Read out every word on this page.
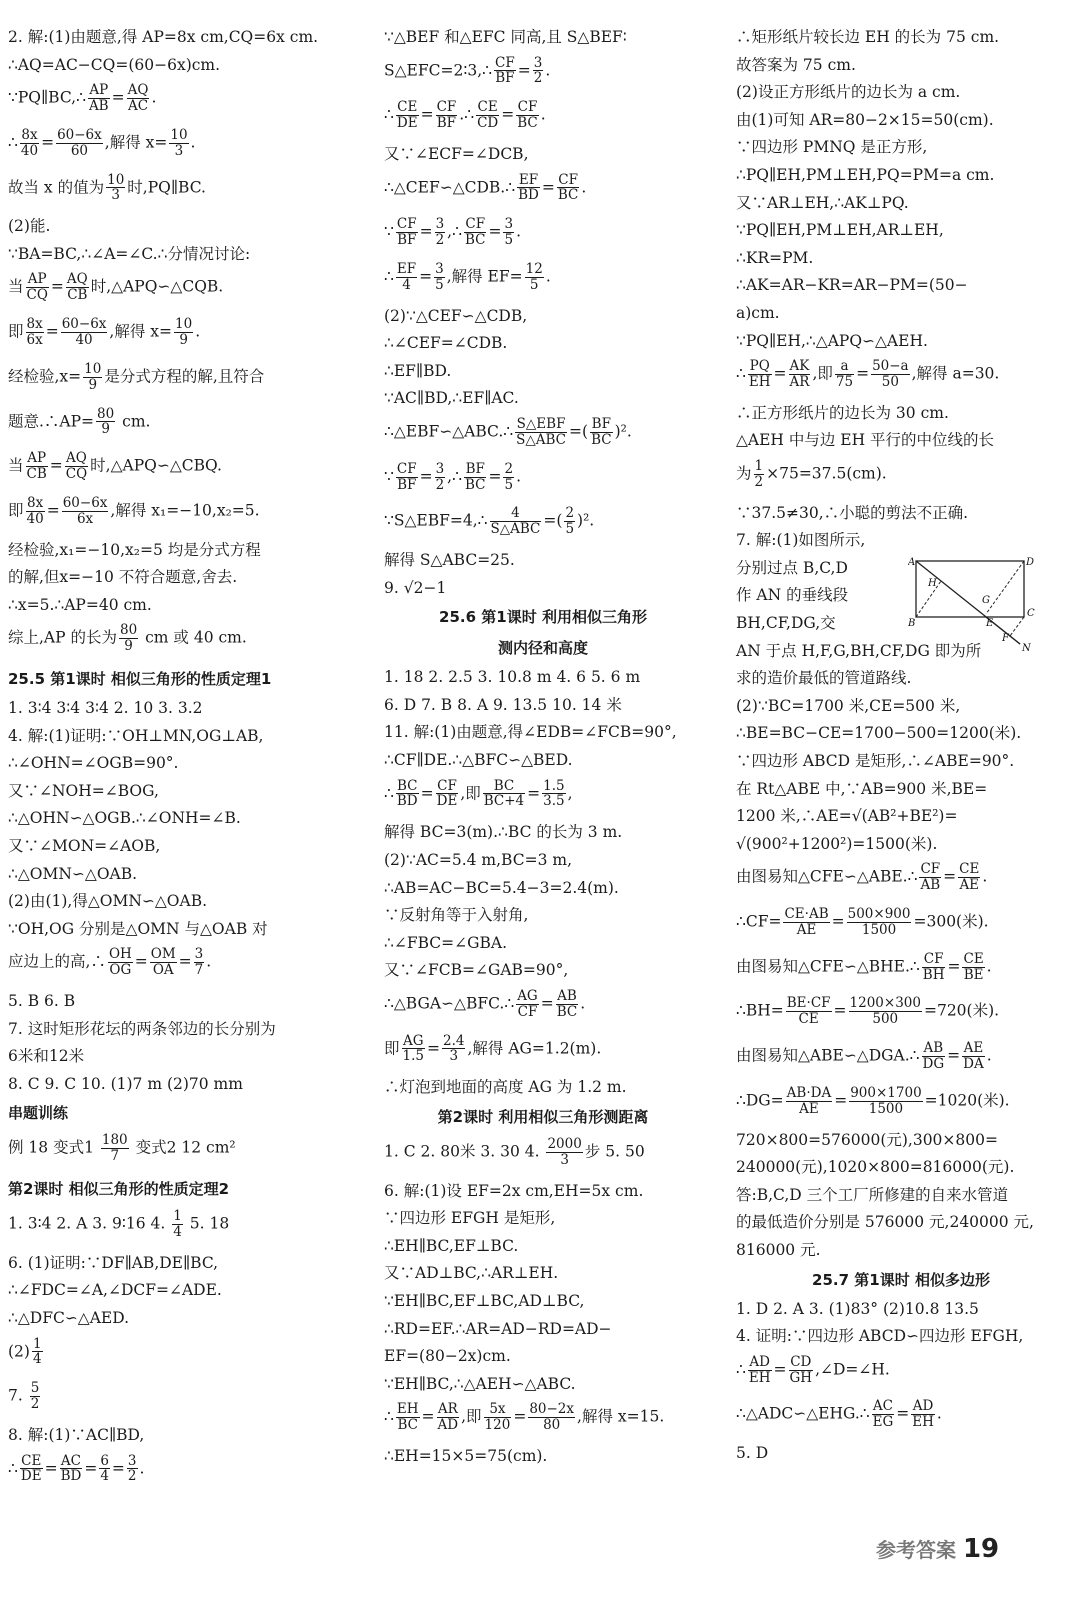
2. 解:(1)由题意,得 AP=8x cm,CQ=6x cm.
∴AQ=AC−CQ=(60−6x)cm.
∵PQ∥BC,∴ $\frac{AP}{AB} = \frac{AQ}{AC}$ .
∴ $\frac{8x}{40} = \frac{60-6x}{60}$ ,解得 $x= \frac{10}{3}$ .
故当 x 的值为 $\frac{10}{3}$ 时,PQ∥BC.
(2)能.
∵BA=BC,∴∠A=∠C.∴分情况讨论:
当 $\frac{AP}{CQ} = \frac{AQ}{CB}$ 时,△APQ∽△CQB.
即 $\frac{8x}{6x} = \frac{60-6x}{40}$ ,解得 $x= \frac{10}{9}$ .
经检验$,x= \frac{10}{9}$ 是分式方程的解,且符合
题意.∴AP= $\frac{80}{9}$ cm.
当 $\frac{AP}{CB} = \frac{AQ}{CQ}$ 时,△APQ∽△CBQ.
即 $\frac{8x}{40} = \frac{60-6x}{6x}$ ,解得 x₁=−10,x₂=5.
经检验,x₁=−10,x₂=5 均是分式方程
的解,但x=−10 不符合题意,舍去.
∴x=5.∴AP=40 cm.
综上,AP 的长为 $\frac{80}{9}$ cm 或 40 cm.
25.5 第1课时 相似三角形的性质定理1
1. 3∶4 3∶4 3∶4 2. 10 3. 3.2
4. 解:(1)证明:∵OH⊥MN,OG⊥AB,
∴∠OHN=∠OGB=90°.
又∵∠NOH=∠BOG,
∴△OHN∽△OGB.∴∠ONH=∠B.
又∵∠MON=∠AOB,
∴△OMN∽△OAB.
(2)由(1),得△OMN∽△OAB.
∵OH,OG 分别是△OMN 与△OAB 对
应边上的高,∴ $\frac{OH}{OG} = \frac{OM}{OA} = \frac{3}{7}$ .
5. B 6. B
7. 这时矩形花坛的两条邻边的长分别为
6米和12米
8. C 9. C 10. (1)7 m (2)70 mm
串题训练
例 18 变式$1 \frac{180}{7}$ 变式2 12 cm²
第2课时 相似三角形的性质定理2
1. 3∶4 2. A 3. 9∶16 4. $\frac{1}{4} 5$. 18
6. (1)证明:∵DF∥AB,DE∥BC,
∴∠FDC=∠A,∠DCF=∠ADE.
∴△DFC∽△AED.
$(2) \frac{1}{4}$
7. $\frac{5}{2}$
8. 解:(1)∵AC∥BD,
∴ $\frac{CE}{DE} = \frac{AC}{BD} = \frac{6}{4} = \frac{3}{2}$ .
∵△BEF 和△EFC 同高,且 S△BEF∶
S△EFC=2∶3,∴ $\frac{CF}{BF} = \frac{3}{2}$ .
∴ $\frac{CE}{DE} = \frac{CF}{BF}$ .∴ $\frac{CE}{CD} = \frac{CF}{BC}$ .
又∵∠ECF=∠DCB,
∴△CEF∽△CDB.∴ $\frac{EF}{BD} = \frac{CF}{BC}$ .
∵ $\frac{CF}{BF} = \frac{3}{2}$ ,∴ $\frac{CF}{BC} = \frac{3}{5}$ .
∴ $\frac{EF}{4} = \frac{3}{5}$ ,解得 $EF= \frac{12}{5}$ .
(2)∵△CEF∽△CDB,
∴∠CEF=∠CDB.
∴EF∥BD.
∵AC∥BD,∴EF∥AC.
∴△EBF∽△ABC.∴ S△EBF
S△ABC =( $\frac{BF}{BC} )^2$.
∵ $\frac{CF}{BF} = \frac{3}{2}$ ,∴ $\frac{BF}{BC} = \frac{2}{5}$ .
∵S△EBF=4,∴	4
S△ABC =( $\frac{2}{5} )^2$.
解得 S△ABC=25.
9. √2−1
25.6 第1课时 利用相似三角形
测内径和高度
1. 18 2. 2.5 3. 10.8 m 4. 6 5. 6 m
6. D 7. B 8. A 9. 13.5 10. 14 米
11. 解:(1)由题意,得∠EDB=∠FCB=90°,
∴CF∥DE.∴△BFC∽△BED.
∴ $\frac{BC}{BD} = \frac{CF}{DE}$ ,即 $\frac{BC}{BC+4} = \frac{1.5}{3.5}$ ,
解得 BC=3(m).∴BC 的长为 3 m.
(2)∵AC=5.4 m,BC=3 m,
∴AB=AC−BC=5.4−3=2.4(m).
∵反射角等于入射角,
∴∠FBC=∠GBA.
又∵∠FCB=∠GAB=90°,
∴△BGA∽△BFC.∴ $\frac{AG}{CF} = \frac{AB}{BC}$ .
即 $\frac{AG}{1.5} = \frac{2.4}{3}$ ,解得 AG=1.2(m).
∴灯泡到地面的高度 AG 为 1.2 m.
第2课时 利用相似三角形测距离
1. C 2. 80米 3. 30 4. $\frac{2000}{3}$ 步 5. 50
6. 解:(1)设 EF=2x cm,EH=5x cm.
∵四边形 EFGH 是矩形,
∴EH∥BC,EF⊥BC.
又∵AD⊥BC,∴AR⊥EH.
∵EH∥BC,EF⊥BC,AD⊥BC,
∴RD=EF.∴AR=AD−RD=AD−
EF=(80−2x)cm.
∵EH∥BC,∴△AEH∽△ABC.
∴ $\frac{EH}{BC} = \frac{AR}{AD}$ ,即 $\frac{5x}{120} = \frac{80-2x}{80}$ ,解得 x=15.
∴EH=15×5=75(cm).
∴矩形纸片较长边 EH 的长为 75 cm.
故答案为 75 cm.
(2)设正方形纸片的边长为 a cm.
由(1)可知 AR=80−2×15=50(cm).
∵四边形 PMNQ 是正方形,
∴PQ∥EH,PM⊥EH,PQ=PM=a cm.
又∵AR⊥EH,∴AK⊥PQ.
∵PQ∥EH,PM⊥EH,AR⊥EH,
∴KR=PM.
∴AK=AR−KR=AR−PM=(50−
a)cm.
∵PQ∥EH,∴△APQ∽△AEH.
∴ $\frac{PQ}{EH} = \frac{AK}{AR}$ ,即 $\frac{a}{75} = \frac{50-a}{50}$ ,解得 a=30.
∴正方形纸片的边长为 30 cm.
△AEH 中与边 EH 平行的中位线的长
为 $\frac{1}{2} \times 75=37.5(cm)$.
∵37.5≠30,∴小聪的剪法不正确.
7. 解:(1)如图所示,
分别过点 B,C,D
作 AN 的垂线段
BH,CF,DG,交
AN 于点 H,F,G,BH,CF,DG 即为所
求的造价最低的管道路线.
(2)∵BC=1700 米,CE=500 米,
∴BE=BC−CE=1700−500=1200(米).
∵四边形 ABCD 是矩形,∴∠ABE=90°.
在 Rt△ABE 中,∵AB=900 米,BE=
1200 米,∴AE=√(AB²+BE²)=
√(900²+1200²)=1500(米).
由图易知△CFE∽△ABE.∴ $\frac{CF}{AB} = \frac{CE}{AE}$ .
∴CF= $\frac{CE\cdot AB}{AE} = \frac{500\times 900}{1500} =300$(米).
由图易知△CFE∽△BHE.∴ $\frac{CF}{BH} = \frac{CE}{BE}$ .
∴BH= $\frac{BE\cdot CF}{CE} = \frac{1200\times 300}{500} =720$(米).
由图易知△ABE∽△DGA.∴ $\frac{AB}{DG} = \frac{AE}{DA}$ .
∴DG= $\frac{AB\cdot DA}{AE} = \frac{900\times 1700}{1500} =1020$(米).
720×800=576000(元),300×800=
240000(元),1020×800=816000(元).
答:B,C,D 三个工厂所修建的自来水管道
的最低造价分别是 576000 元,240000 元,
816000 元.
25.7 第1课时 相似多边形
1. D 2. A 3. (1)83° (2)10.8 13.5
4. 证明:∵四边形 ABCD∽四边形 EFGH,
∴ $\frac{AD}{EH} = \frac{CD}{GH}$ ,∠D=∠H.
∴△ADC∽△EHG.∴ $\frac{AC}{EG} = \frac{AD}{EH}$ .
5. D
A	D
H
G
B	E
C
F
N
参考答案 19
